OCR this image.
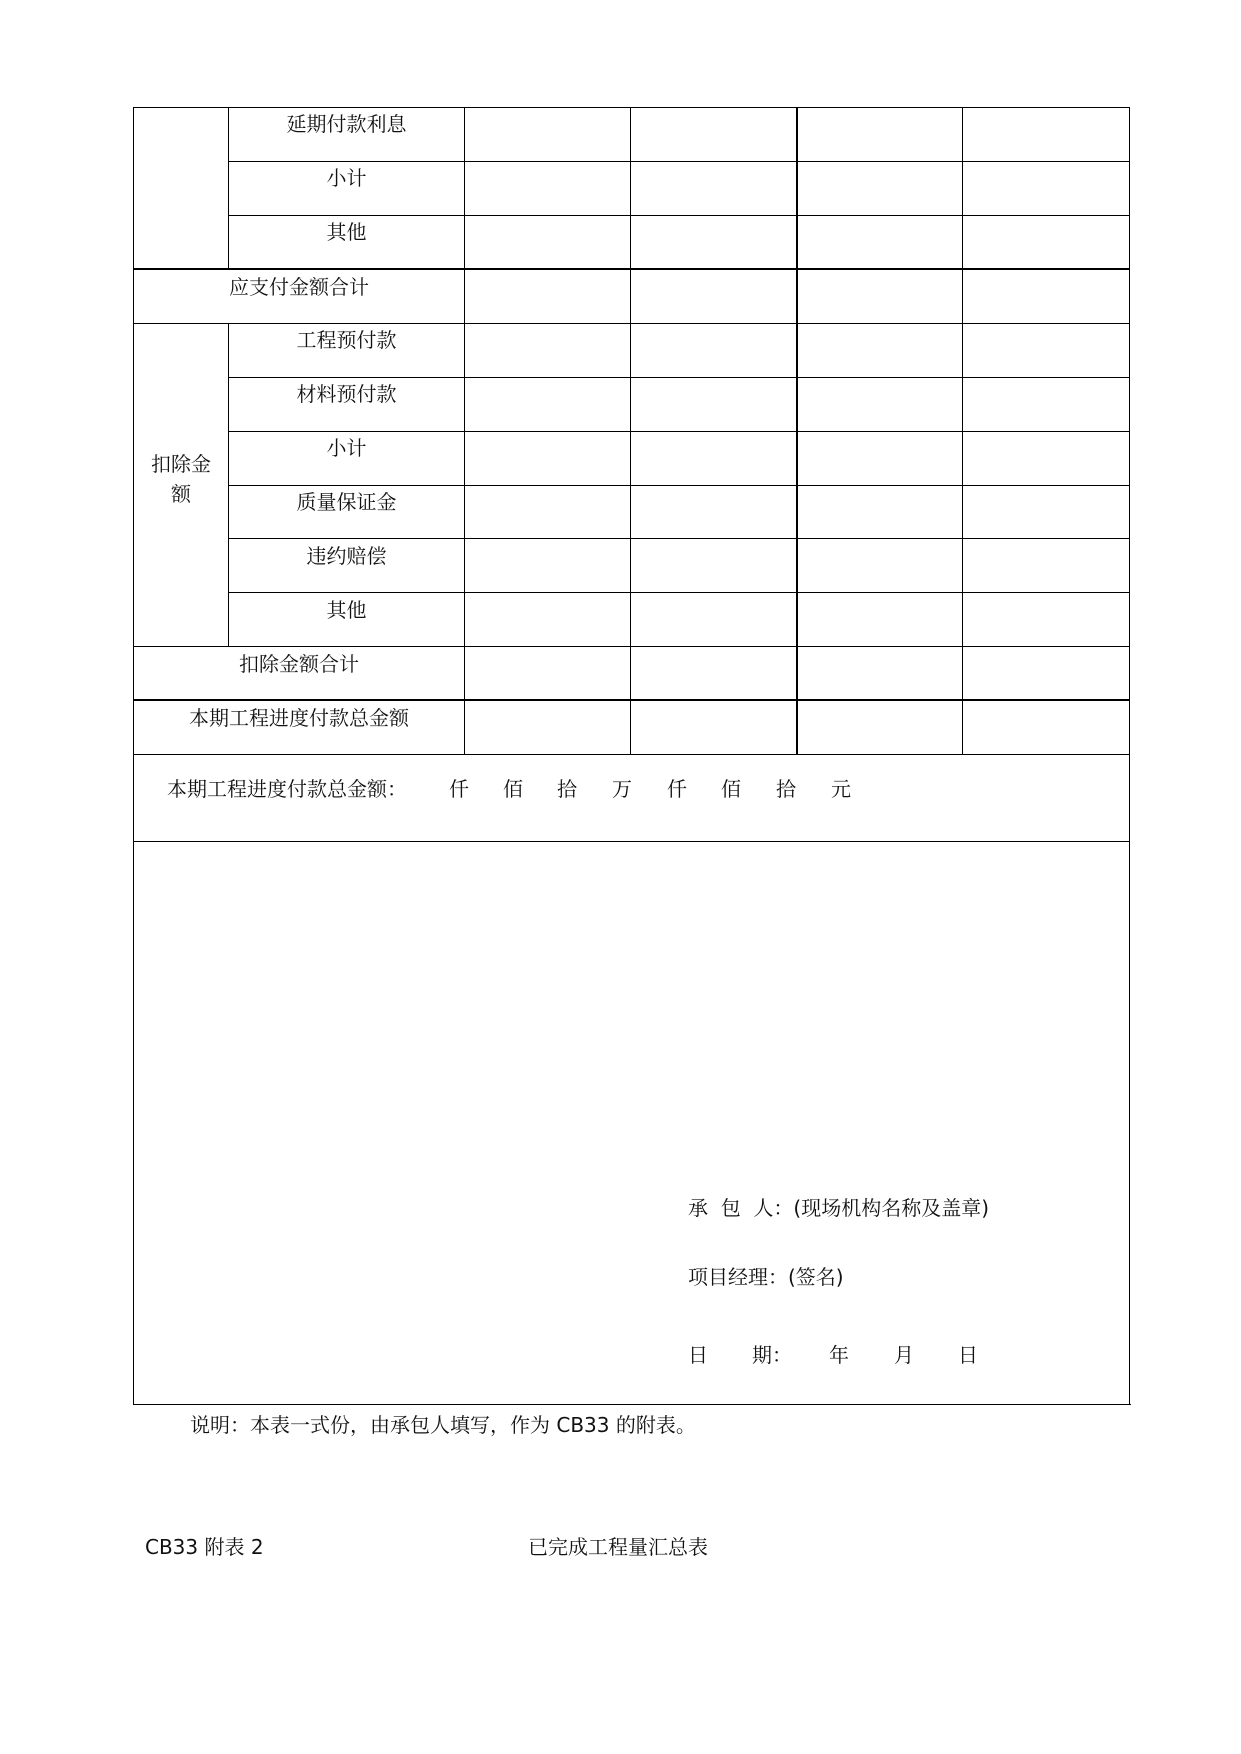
延期付款利息
小计
其他
应支付金额合计
扣除金额
工程预付款
材料预付款
小计
质量保证金
违约赔偿
其他
扣除金额合计
本期工程进度付款总金额
本期工程进度付款总金额： 仟 佰 拾 万 仟 佰 拾 元
承  包  人：(现场机构名称及盖章)
项目经理：(签名)
日 期： 年 月 日
说明：本表一式份，由承包人填写，作为 CB33 的附表。
CB33 附表 2	已完成工程量汇总表
